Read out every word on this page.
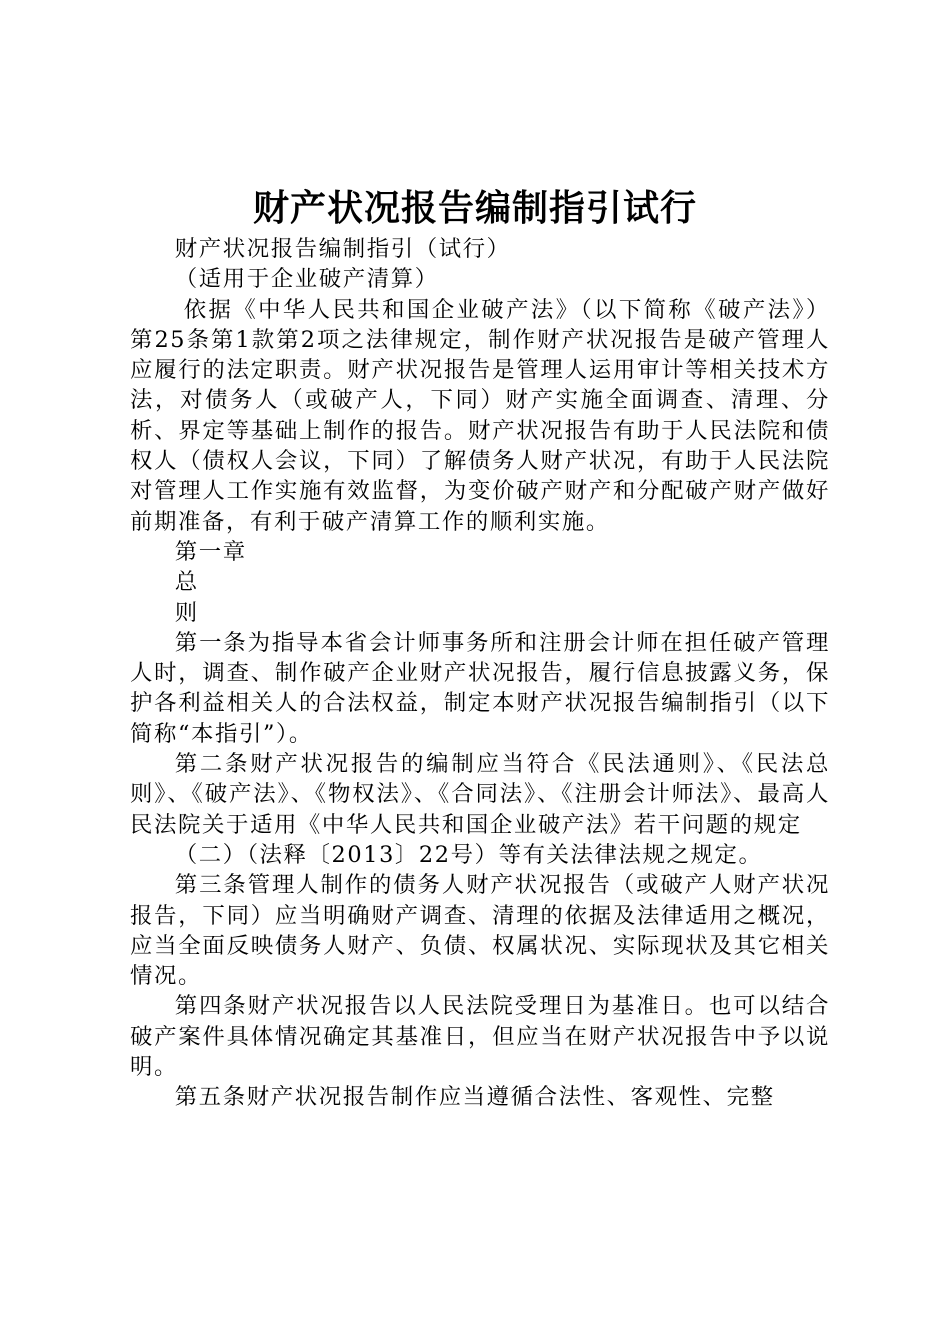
财产状况报告编制指引试行

财产状况报告编制指引（试行）

（适用于企业破产清算）

依据《中华人民共和国企业破产法》（以下简称《破产法》）第25条第1款第2项之法律规定，制作财产状况报告是破产管理人应履行的法定职责。财产状况报告是管理人运用审计等相关技术方法，对债务人（或破产人，下同）财产实施全面调查、清理、分析、界定等基础上制作的报告。财产状况报告有助于人民法院和债权人（债权人会议，下同）了解债务人财产状况，有助于人民法院对管理人工作实施有效监督，为变价破产财产和分配破产财产做好前期准备，有利于破产清算工作的顺利实施。

第一章

总

则

第一条为指导本省会计师事务所和注册会计师在担任破产管理人时，调查、制作破产企业财产状况报告，履行信息披露义务，保护各利益相关人的合法权益，制定本财产状况报告编制指引（以下简称“本指引”）。

第二条财产状况报告的编制应当符合《民法通则》、《民法总则》、《破产法》、《物权法》、《合同法》、《注册会计师法》、最高人民法院关于适用《中华人民共和国企业破产法》若干问题的规定

（二）（法释〔2013〕22号）等有关法律法规之规定。

第三条管理人制作的债务人财产状况报告（或破产人财产状况报告，下同）应当明确财产调查、清理的依据及法律适用之概况，应当全面反映债务人财产、负债、权属状况、实际现状及其它相关情况。

第四条财产状况报告以人民法院受理日为基准日。也可以结合破产案件具体情况确定其基准日，但应当在财产状况报告中予以说明。

第五条财产状况报告制作应当遵循合法性、客观性、完整
